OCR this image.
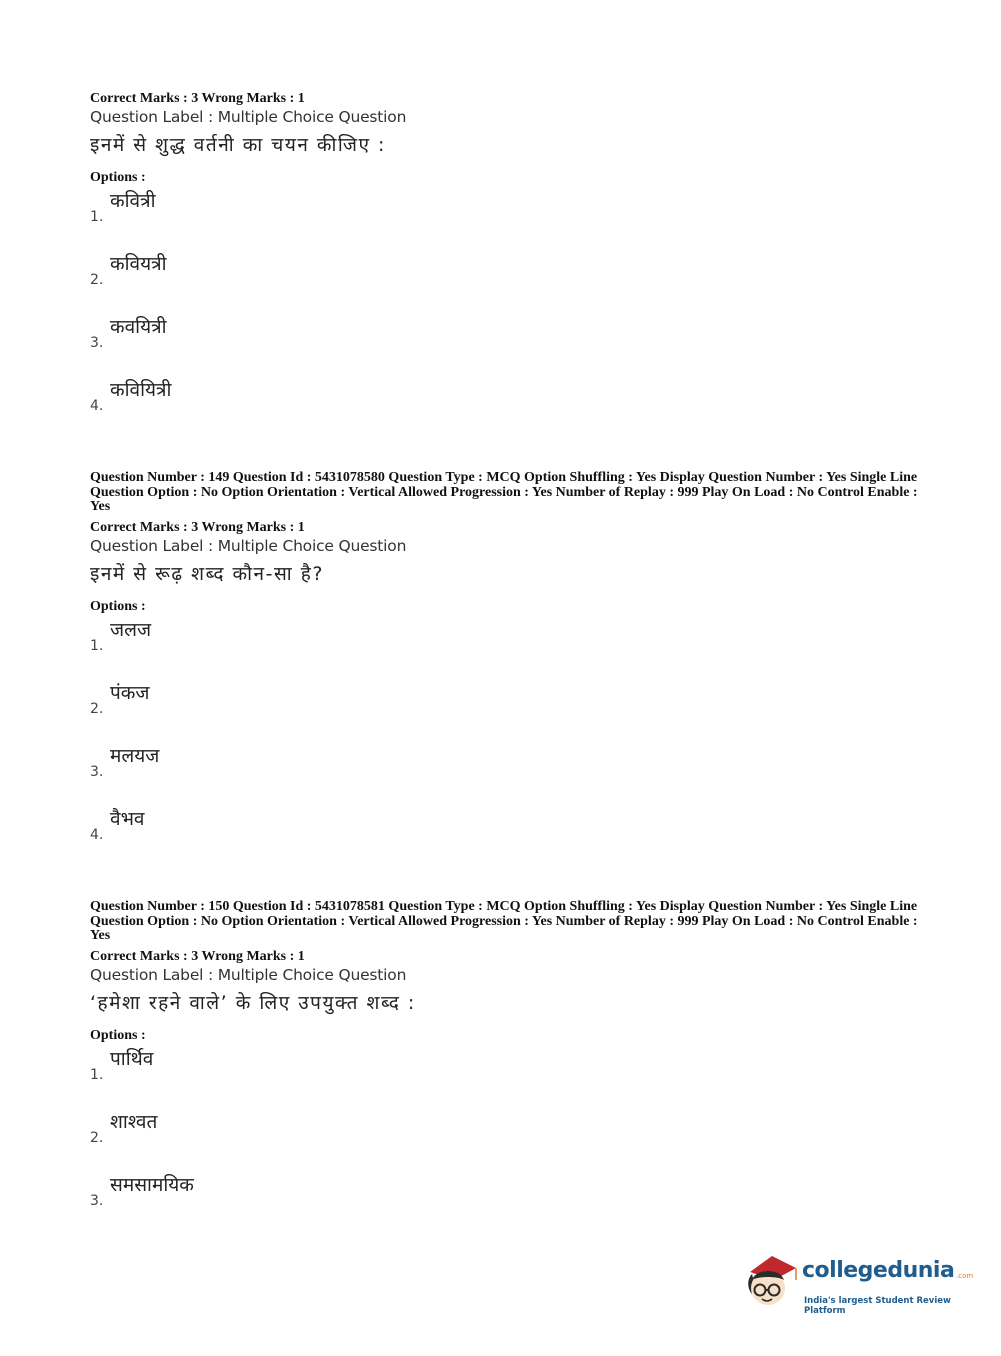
Correct Marks : 3 Wrong Marks : 1
Question Label : Multiple Choice Question
इनमें से शुद्ध वर्तनी का चयन कीजिए :
Options :
1.
कवित्री
2.
कवियत्री
3.
कवयित्री
4.
कवियित्री
Question Number : 149 Question Id : 5431078580 Question Type : MCQ Option Shuffling : Yes Display Question Number : Yes Single Line Question Option : No Option Orientation : Vertical Allowed Progression : Yes Number of Replay : 999 Play On Load : No Control Enable : Yes
Correct Marks : 3 Wrong Marks : 1
Question Label : Multiple Choice Question
इनमें से रूढ़ शब्द कौन-सा है?
Options :
1.
जलज
2.
पंकज
3.
मलयज
4.
वैभव
Question Number : 150 Question Id : 5431078581 Question Type : MCQ Option Shuffling : Yes Display Question Number : Yes Single Line Question Option : No Option Orientation : Vertical Allowed Progression : Yes Number of Replay : 999 Play On Load : No Control Enable : Yes
Correct Marks : 3 Wrong Marks : 1
Question Label : Multiple Choice Question
‘हमेशा रहने वाले’ के लिए उपयुक्त शब्द :
Options :
1.
पार्थिव
2.
शाश्वत
3.
समसामयिक
collegedunia .com
India's largest Student Review Platform
